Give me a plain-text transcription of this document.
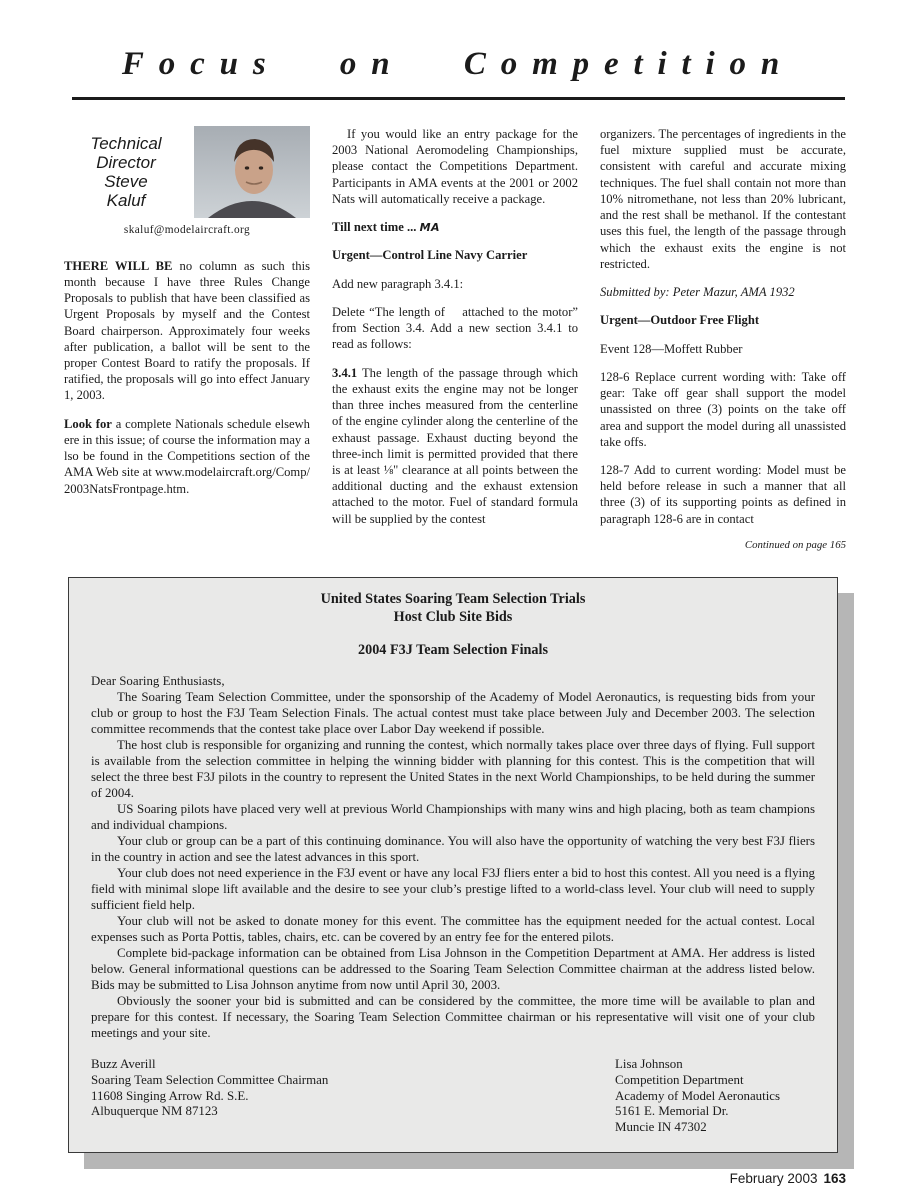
Focus on Competition
Technical
Director
Steve
Kaluf
skaluf@modelaircraft.org

THERE WILL BE no column as such this month because I have three Rules Change Proposals to publish that have been classified as Urgent Proposals by myself and the Contest Board chairperson. Approximately four weeks after publication, a ballot will be sent to the proper Contest Board to ratify the proposals. If ratified, the proposals will go into effect January 1, 2003.

Look for a complete Nationals schedule elsewhere in this issue; of course the information may also be found in the Competitions section of the AMA Web site at www.modelaircraft.org/Comp/2003NatsFrontpage.htm.

If you would like an entry package for the 2003 National Aeromodeling Championships, please contact the Competitions Department. Participants in AMA events at the 2001 or 2002 Nats will automatically receive a package.

Till next time ... MA

Urgent—Control Line Navy Carrier

Add new paragraph 3.4.1:

Delete “The length of    attached to the motor” from Section 3.4. Add a new section 3.4.1 to read as follows:

3.4.1 The length of the passage through which the exhaust exits the engine may not be longer than three inches measured from the centerline of the engine cylinder along the centerline of the exhaust passage. Exhaust ducting beyond the three-inch limit is permitted provided that there is at least ⅛" clearance at all points between the additional ducting and the exhaust extension attached to the motor. Fuel of standard formula will be supplied by the contest

organizers. The percentages of ingredients in the fuel mixture supplied must be accurate, consistent with careful and accurate mixing techniques. The fuel shall contain not more than 10% nitromethane, not less than 20% lubricant, and the rest shall be methanol. If the contestant uses this fuel, the length of the passage through which the exhaust exits the engine is not restricted.

Submitted by: Peter Mazur, AMA 1932

Urgent—Outdoor Free Flight

Event 128—Moffett Rubber

128-6 Replace current wording with: Take off gear: Take off gear shall support the model unassisted on three (3) points on the take off area and support the model during all unassisted take offs.

128-7 Add to current wording: Model must be held before release in such a manner that all three (3) of its supporting points as defined in paragraph 128-6 are in contact

Continued on page 165
United States Soaring Team Selection Trials
Host Club Site Bids
2004 F3J Team Selection Finals

Dear Soaring Enthusiasts,

The Soaring Team Selection Committee, under the sponsorship of the Academy of Model Aeronautics, is requesting bids from your club or group to host the F3J Team Selection Finals. The actual contest must take place between July and December 2003. The selection committee recommends that the contest take place over Labor Day weekend if possible.

The host club is responsible for organizing and running the contest, which normally takes place over three days of flying. Full support is available from the selection committee in helping the winning bidder with planning for this contest. This is the competition that will select the three best F3J pilots in the country to represent the United States in the next World Championships, to be held during the summer of 2004.

US Soaring pilots have placed very well at previous World Championships with many wins and high placing, both as team champions and individual champions.

Your club or group can be a part of this continuing dominance. You will also have the opportunity of watching the very best F3J fliers in the country in action and see the latest advances in this sport.

Your club does not need experience in the F3J event or have any local F3J fliers enter a bid to host this contest. All you need is a flying field with minimal slope lift available and the desire to see your club’s prestige lifted to a world-class level. Your club will need to supply sufficient field help.

Your club will not be asked to donate money for this event. The committee has the equipment needed for the actual contest. Local expenses such as Porta Pottis, tables, chairs, etc. can be covered by an entry fee for the entered pilots.

Complete bid-package information can be obtained from Lisa Johnson in the Competition Department at AMA. Her address is listed below. General informational questions can be addressed to the Soaring Team Selection Committee chairman at the address listed below. Bids may be submitted to Lisa Johnson anytime from now until April 30, 2003.

Obviously the sooner your bid is submitted and can be considered by the committee, the more time will be available to plan and prepare for this contest. If necessary, the Soaring Team Selection Committee chairman or his representative will visit one of your club meetings and your site.

Buzz Averill
Soaring Team Selection Committee Chairman
11608 Singing Arrow Rd. S.E.
Albuquerque NM 87123
Lisa Johnson
Competition Department
Academy of Model Aeronautics
5161 E. Memorial Dr.
Muncie IN 47302
February 2003 163
